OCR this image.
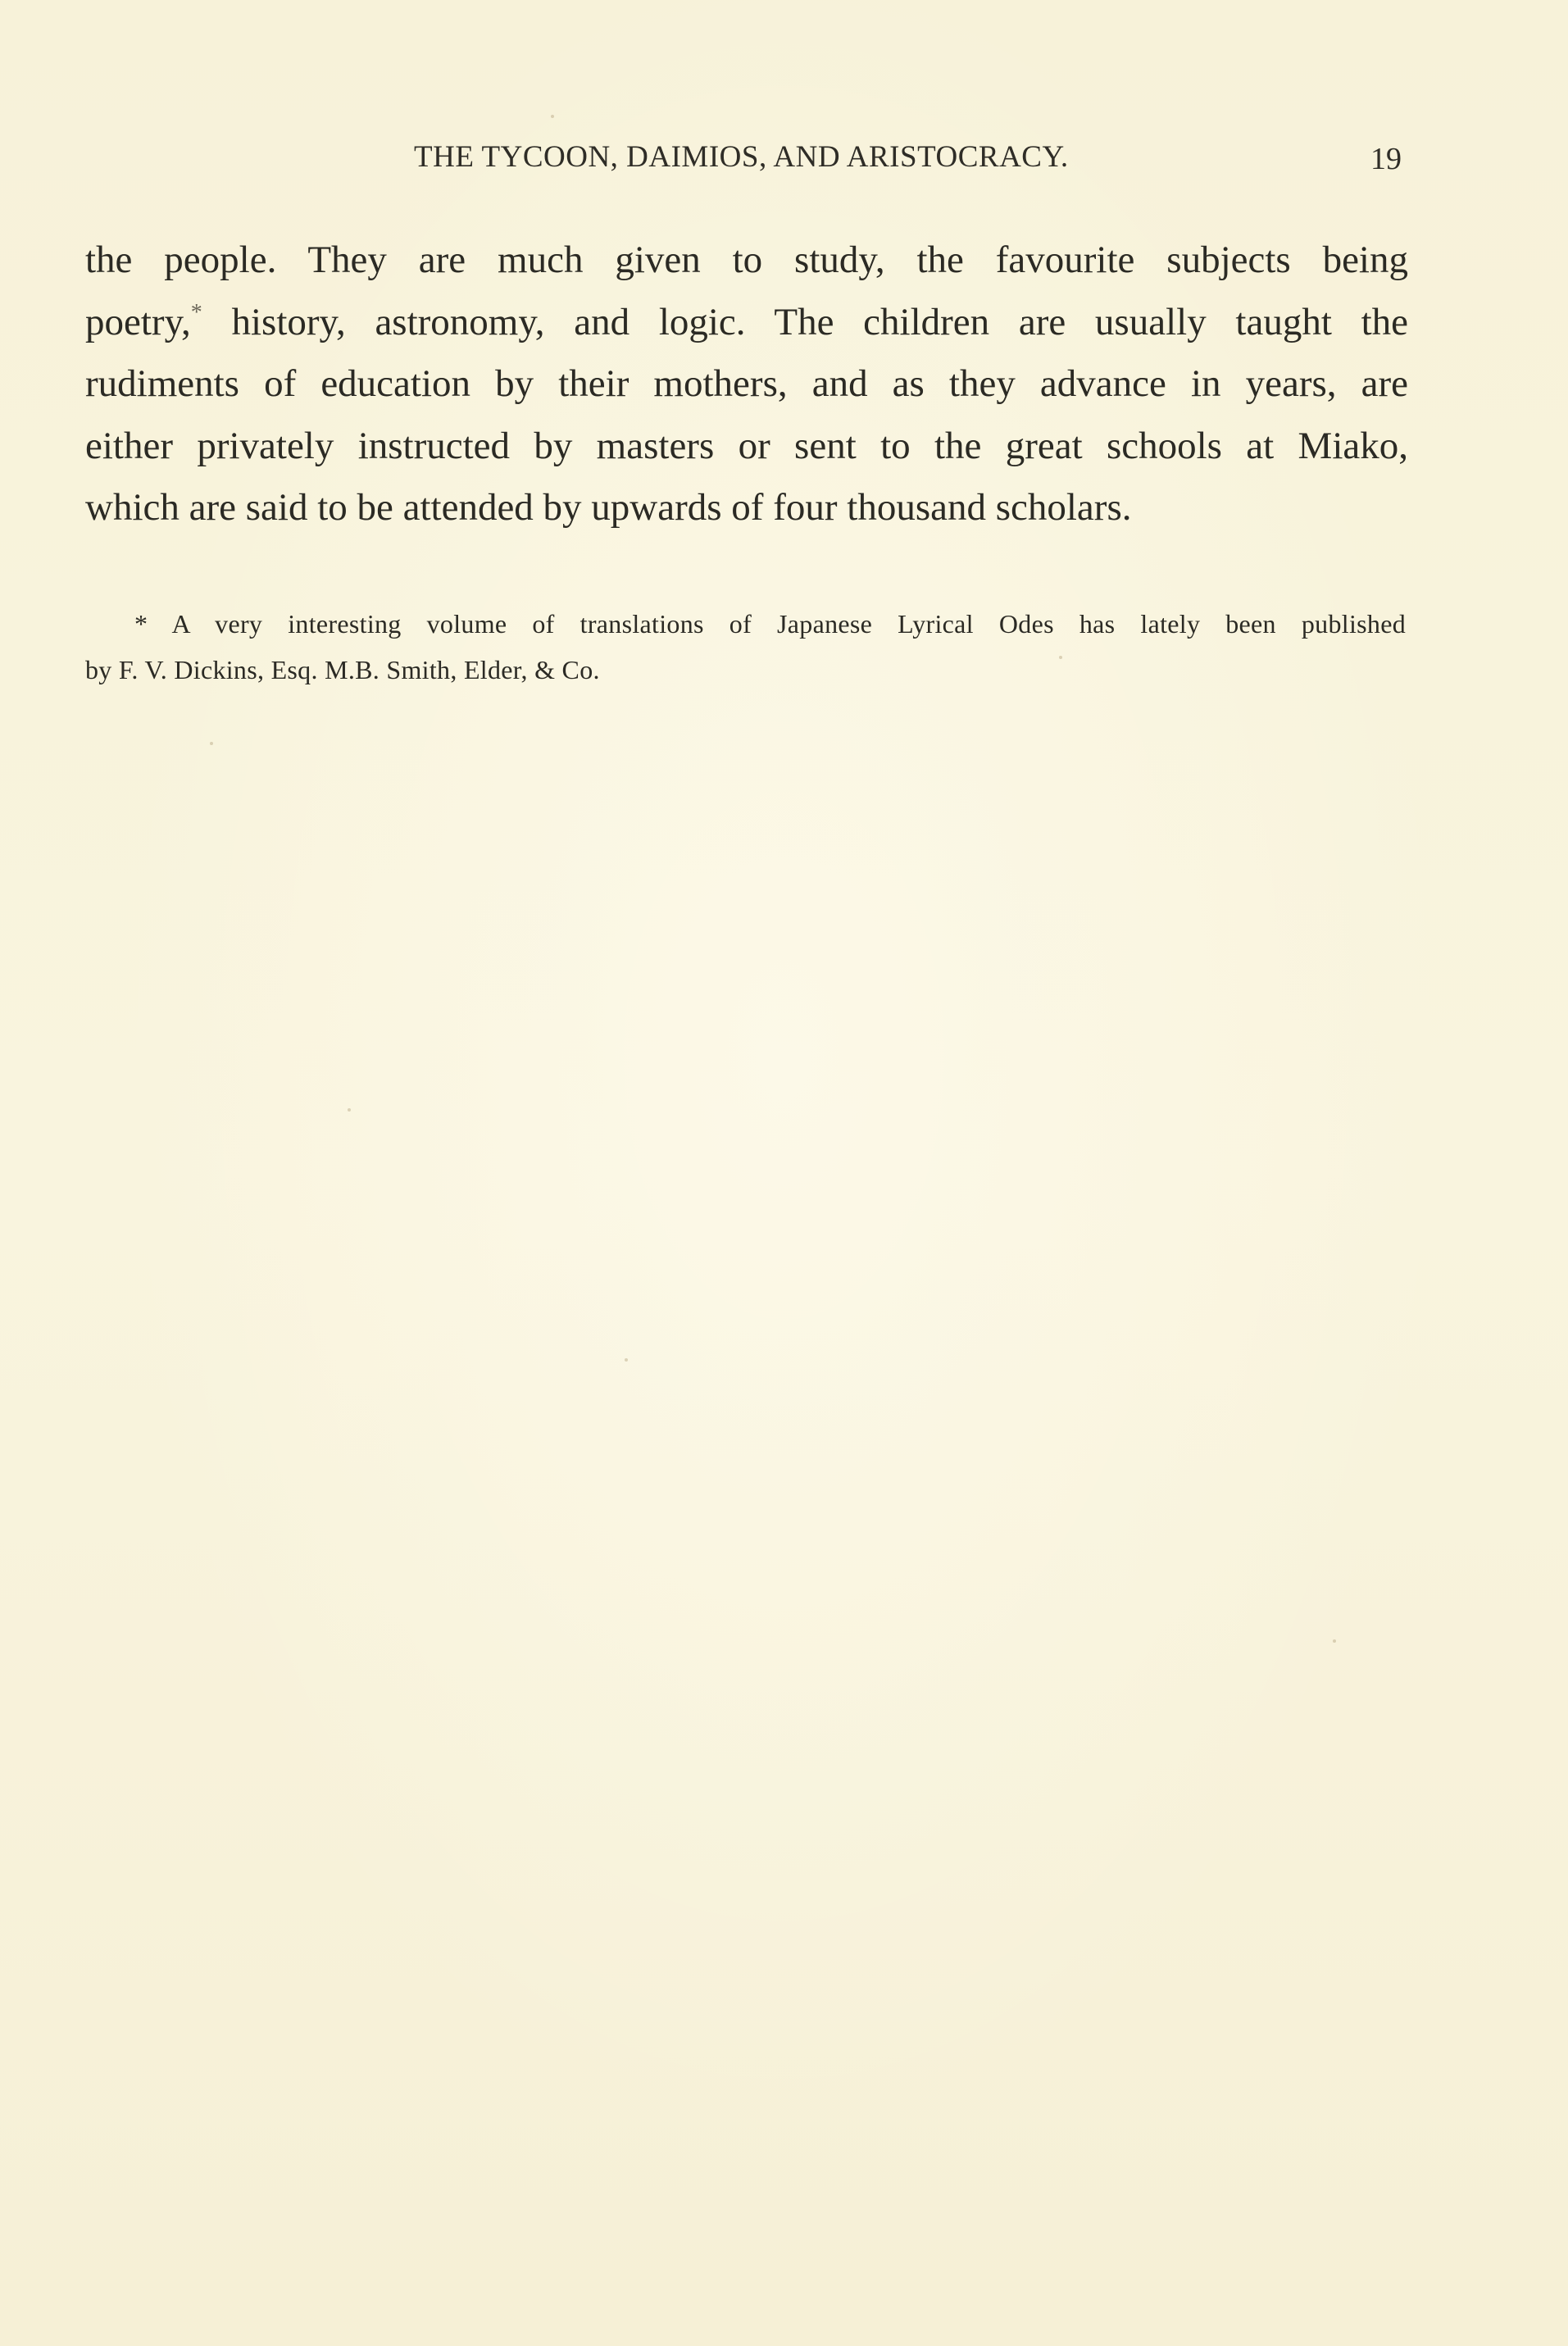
THE TYCOON, DAIMIOS, AND ARISTOCRACY.	19
the people. They are much given to study, the favourite subjects being
poetry,* history, astronomy, and logic. The children are usually taught the
rudiments of education by their mothers, and as they advance in years, are
either privately instructed by masters or sent to the great schools at Miako,
which are said to be attended by upwards of four thousand scholars.
* A very interesting volume of translations of Japanese Lyrical Odes has lately been published
by F. V. Dickins, Esq. M.B. Smith, Elder, & Co.
